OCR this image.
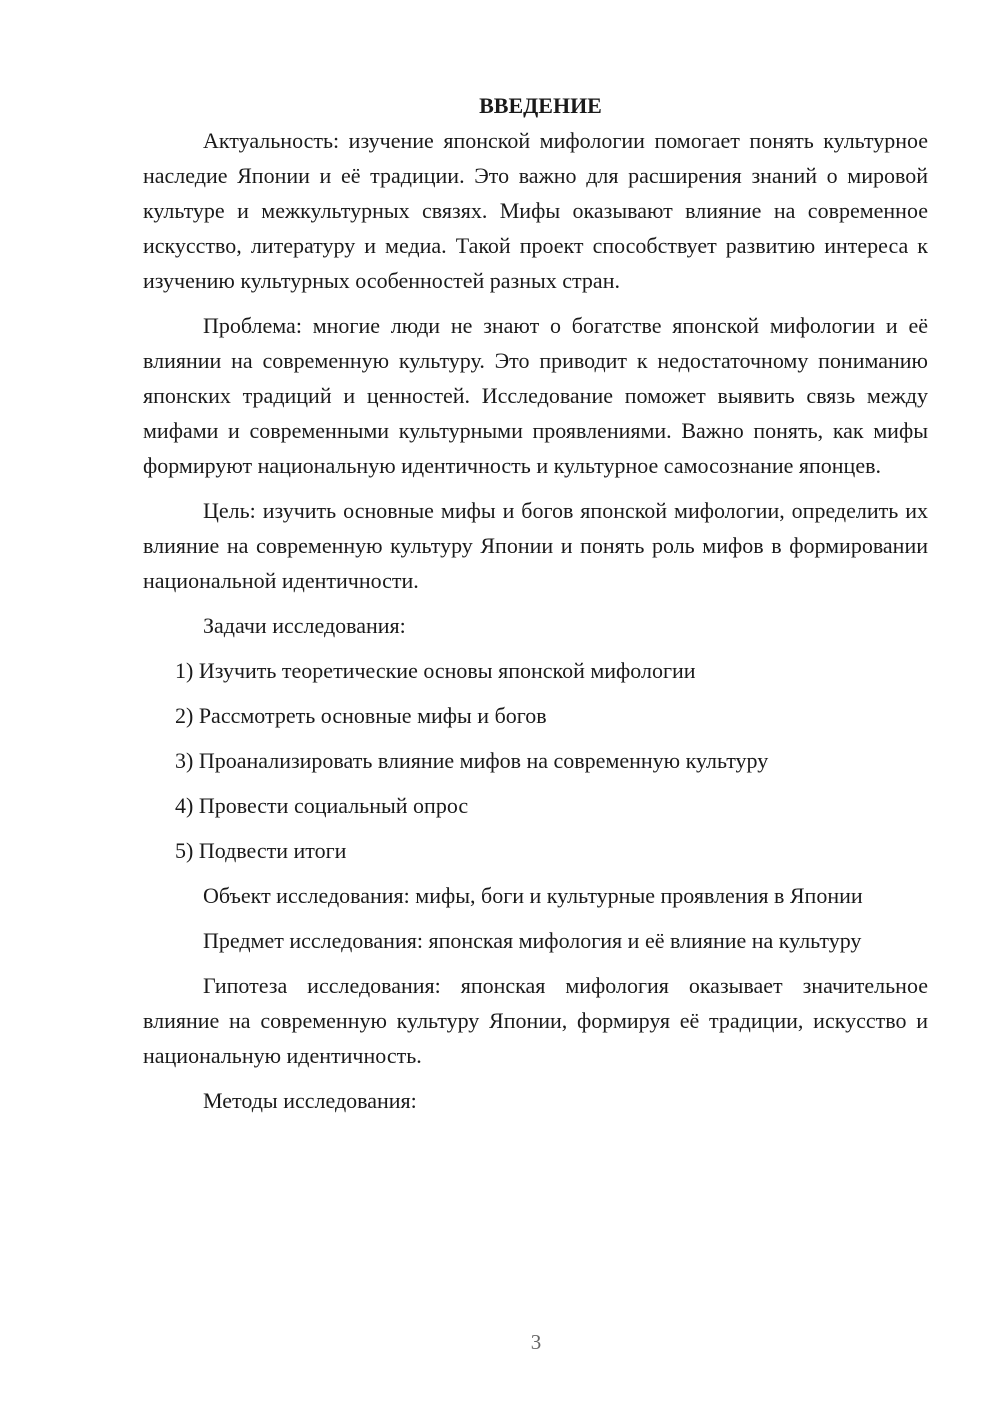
ВВЕДЕНИЕ

Актуальность: изучение японской мифологии помогает понять культурное наследие Японии и её традиции. Это важно для расширения знаний о мировой культуре и межкультурных связях. Мифы оказывают влияние на современное искусство, литературу и медиа. Такой проект способствует развитию интереса к изучению культурных особенностей разных стран.

Проблема: многие люди не знают о богатстве японской мифологии и её влиянии на современную культуру. Это приводит к недостаточному пониманию японских традиций и ценностей. Исследование поможет выявить связь между мифами и современными культурными проявлениями. Важно понять, как мифы формируют национальную идентичность и культурное самосознание японцев.

Цель: изучить основные мифы и богов японской мифологии, определить их влияние на современную культуру Японии и понять роль мифов в формировании национальной идентичности.

Задачи исследования:

1) Изучить теоретические основы японской мифологии

2) Рассмотреть основные мифы и богов

3) Проанализировать влияние мифов на современную культуру

4) Провести социальный опрос

5) Подвести итоги

Объект исследования: мифы, боги и культурные проявления в Японии

Предмет исследования: японская мифология и её влияние на культуру

Гипотеза исследования: японская мифология оказывает значительное влияние на современную культуру Японии, формируя её традиции, искусство и национальную идентичность.

Методы исследования:

3
